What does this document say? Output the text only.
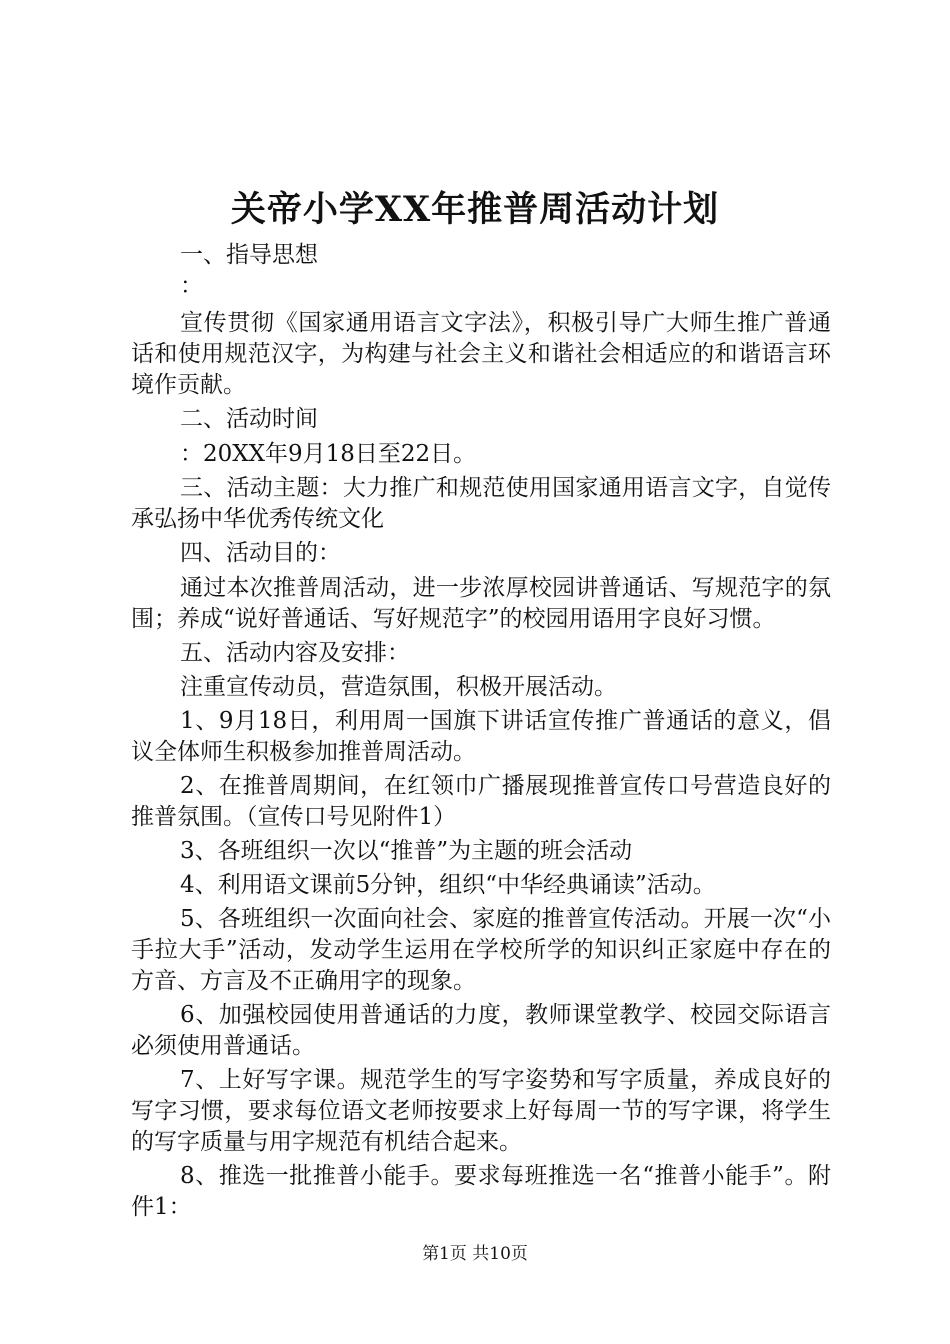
关帝小学XX年推普周活动计划

一、指导思想

：

宣传贯彻《国家通用语言文字法》，积极引导广大师生推广普通话和使用规范汉字，为构建与社会主义和谐社会相适应的和谐语言环境作贡献。

二、活动时间

：20XX年9月18日至22日。

三、活动主题：大力推广和规范使用国家通用语言文字，自觉传承弘扬中华优秀传统文化

四、活动目的：

通过本次推普周活动，进一步浓厚校园讲普通话、写规范字的氛围；养成“说好普通话、写好规范字”的校园用语用字良好习惯。

五、活动内容及安排：

注重宣传动员，营造氛围，积极开展活动。

1、9月18日，利用周一国旗下讲话宣传推广普通话的意义，倡议全体师生积极参加推普周活动。

2、在推普周期间，在红领巾广播展现推普宣传口号营造良好的推普氛围。（宣传口号见附件1）

3、各班组织一次以“推普”为主题的班会活动

4、利用语文课前5分钟，组织“中华经典诵读”活动。

5、各班组织一次面向社会、家庭的推普宣传活动。开展一次“小手拉大手”活动，发动学生运用在学校所学的知识纠正家庭中存在的方音、方言及不正确用字的现象。

6、加强校园使用普通话的力度，教师课堂教学、校园交际语言必须使用普通话。

7、上好写字课。规范学生的写字姿势和写字质量，养成良好的写字习惯，要求每位语文老师按要求上好每周一节的写字课，将学生的写字质量与用字规范有机结合起来。

8、推选一批推普小能手。要求每班推选一名“推普小能手”。附件1：

第1页 共10页
